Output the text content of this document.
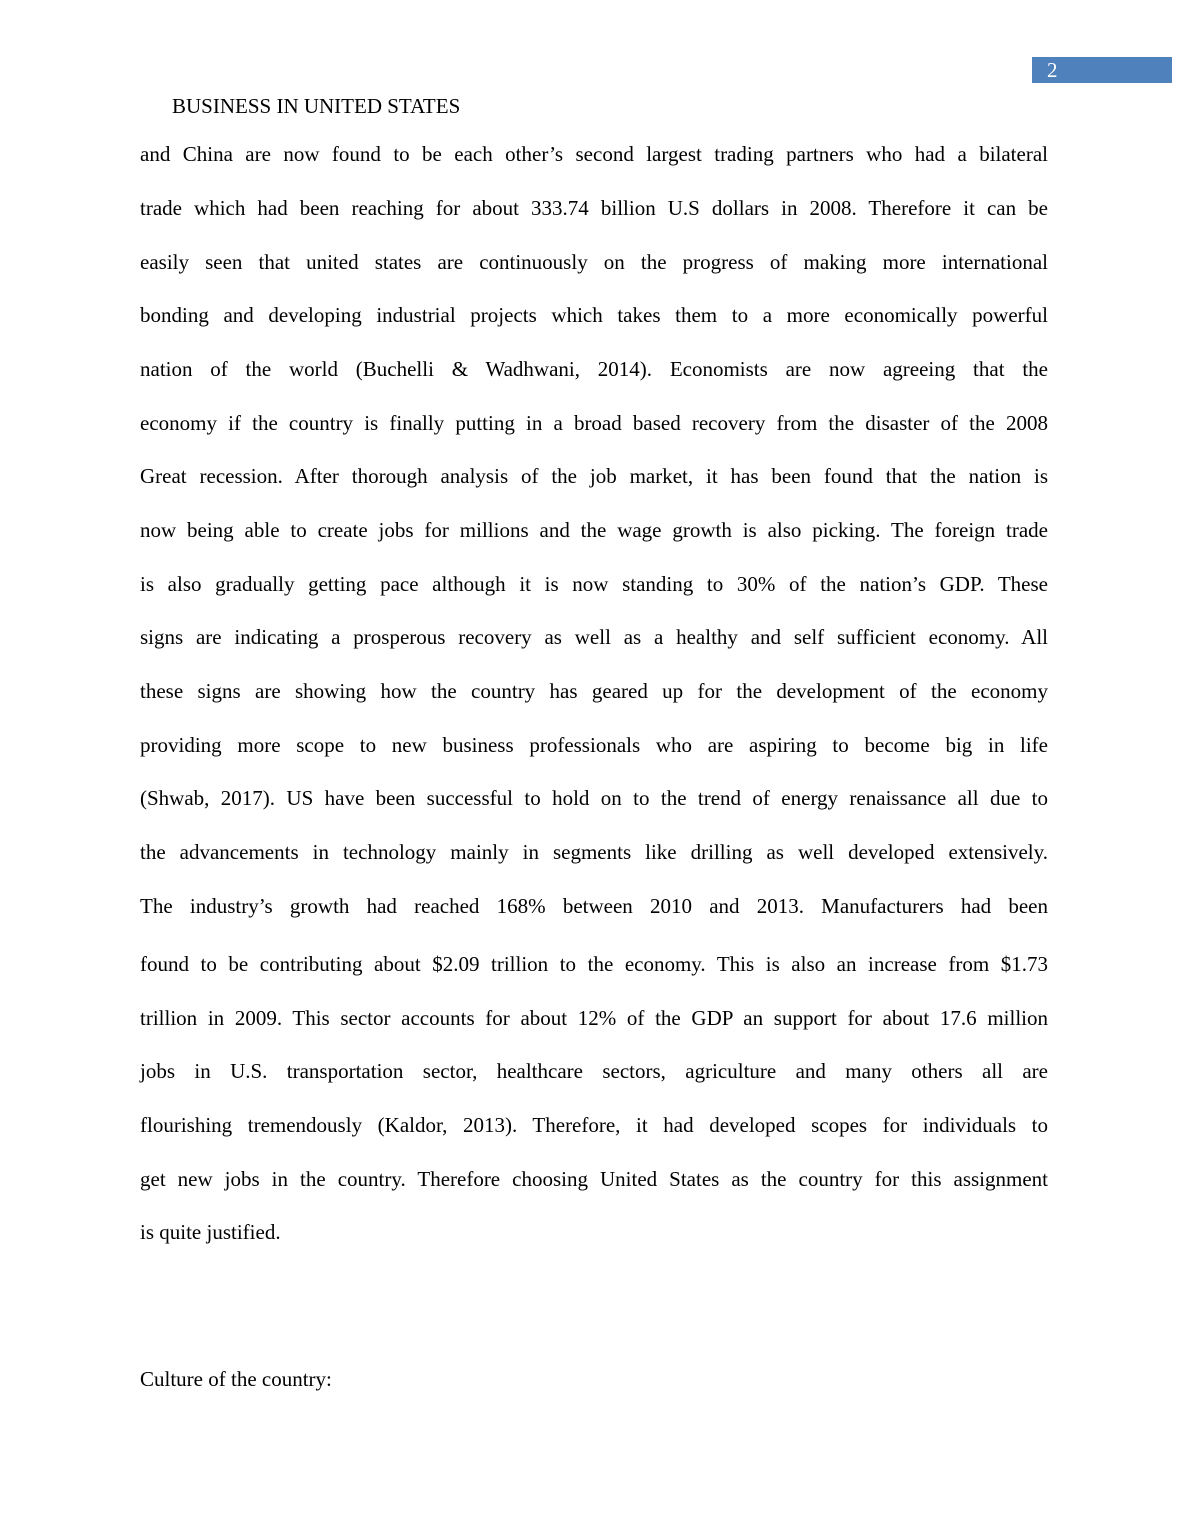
2
BUSINESS IN UNITED STATES
and China are now found to be each other’s second largest trading partners who had a bilateral
trade which had been reaching for about 333.74 billion U.S dollars in 2008. Therefore it can be
easily seen that united states are continuously on the progress of making more international
bonding and developing industrial projects which takes them to a more economically powerful
nation of the world (Buchelli & Wadhwani, 2014). Economists are now agreeing that the
economy if the country is finally putting in a broad based recovery from the disaster of the 2008
Great recession. After thorough analysis of the job market, it has been found that the nation is
now being able to create jobs for millions and the wage growth is also picking. The foreign trade
is also gradually getting pace although it is now standing to 30% of the nation’s GDP. These
signs are indicating a prosperous recovery as well as a healthy and self sufficient economy. All
these signs are showing how the country has geared up for the development of the economy
providing more scope to new business professionals who are aspiring to become big in life
(Shwab, 2017). US have been successful to hold on to the trend of energy renaissance all due to
the advancements in technology mainly in segments like drilling as well developed extensively.
The industry’s growth had reached 168% between 2010 and 2013. Manufacturers had been
found to be contributing about $2.09 trillion to the economy. This is also an increase from $1.73
trillion in 2009. This sector accounts for about 12% of the GDP an support for about 17.6 million
jobs in U.S. transportation sector, healthcare sectors, agriculture and many others all are
flourishing tremendously (Kaldor, 2013). Therefore, it had developed scopes for individuals to
get new jobs in the country. Therefore choosing United States as the country for this assignment
is quite justified.
Culture of the country:
